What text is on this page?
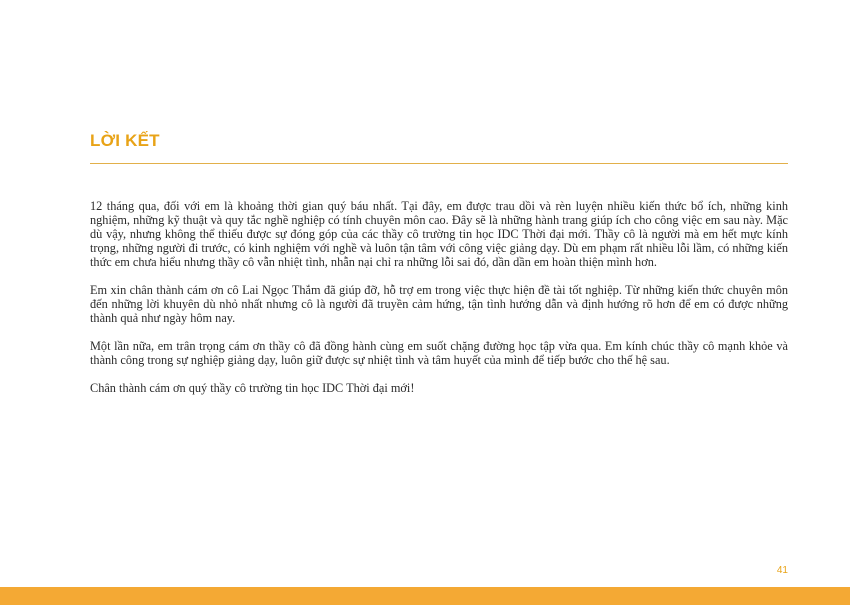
LỜI KẾT

12 tháng qua, đối với em là khoảng thời gian quý báu nhất. Tại đây, em được trau dồi và rèn luyện nhiều kiến thức bổ ích, những kinh nghiệm, những kỹ thuật và quy tắc nghề nghiệp có tính chuyên môn cao. Đây sẽ là những hành trang giúp ích cho công việc em sau này. Mặc dù vậy, nhưng không thể thiếu được sự đóng góp của các thầy cô trường tin học IDC Thời đại mới. Thầy cô là người mà em hết mực kính trọng, những người đi trước, có kinh nghiệm với nghề và luôn tận tâm với công việc giảng dạy. Dù em phạm rất nhiều lỗi lầm, có những kiến thức em chưa hiểu nhưng thầy cô vẫn nhiệt tình, nhẫn nại chỉ ra những lỗi sai đó, dần dần em hoàn thiện mình hơn.

Em xin chân thành cám ơn cô Lai Ngọc Thắm đã giúp đỡ, hỗ trợ em trong việc thực hiện đề tài tốt nghiệp. Từ những kiến thức chuyên môn đến những lời khuyên dù nhỏ nhất nhưng cô là người đã truyền cảm hứng, tận tình hướng dẫn và định hướng rõ hơn để em có được những thành quả như ngày hôm nay.

Một lần nữa, em trân trọng cám ơn thầy cô đã đồng hành cùng em suốt chặng đường học tập vừa qua. Em kính chúc thầy cô mạnh khỏe và thành công trong sự nghiệp giảng dạy, luôn giữ được sự nhiệt tình và tâm huyết của mình để tiếp bước cho thế hệ sau.

Chân thành cám ơn quý thầy cô trường tin học IDC Thời đại mới!

41
